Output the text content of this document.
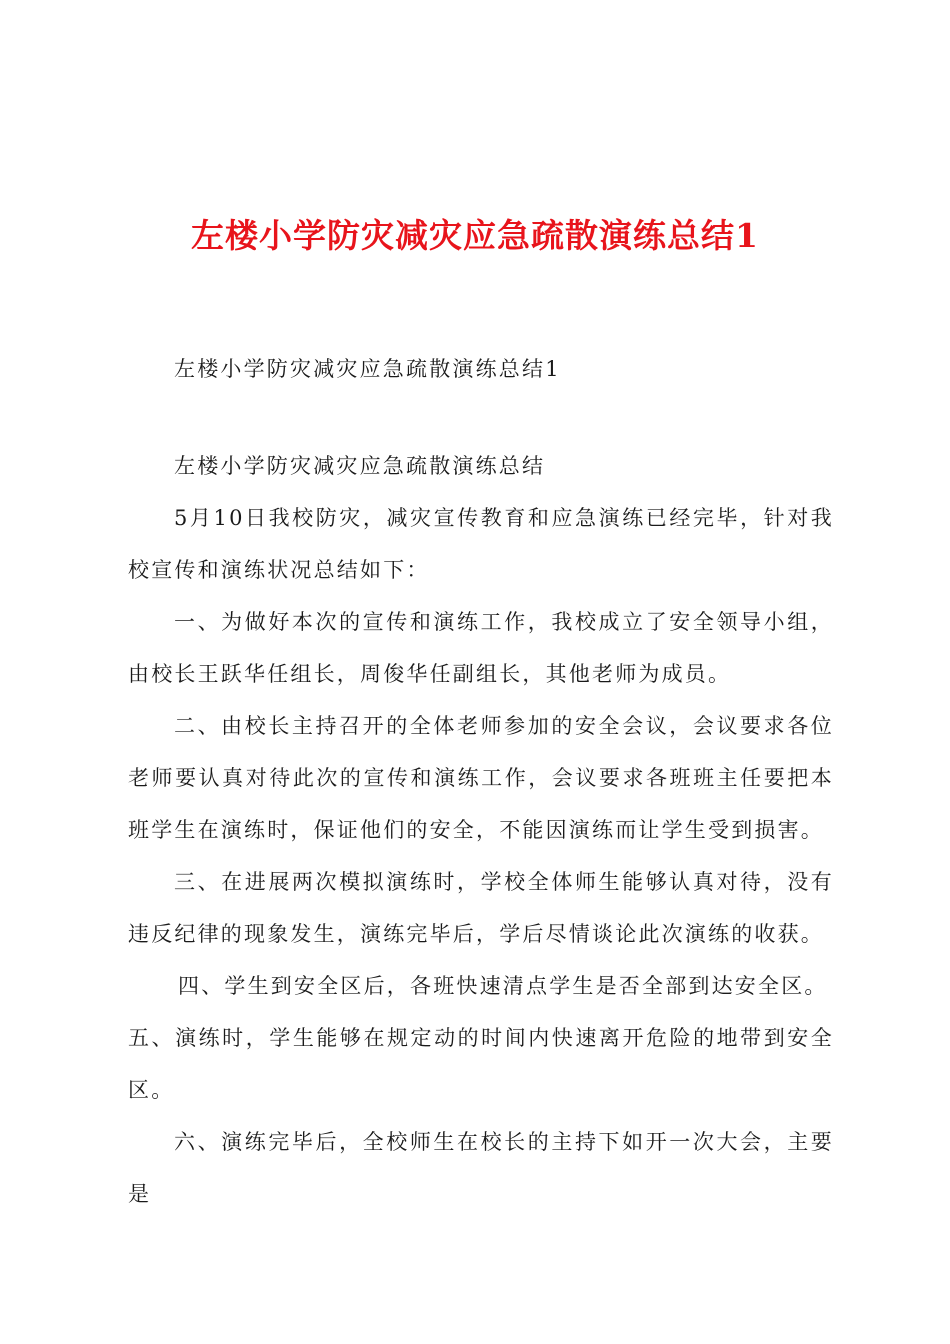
左楼小学防灾减灾应急疏散演练总结1
左楼小学防灾减灾应急疏散演练总结1
左楼小学防灾减灾应急疏散演练总结

5月10日我校防灾，减灾宣传教育和应急演练已经完毕，针对我校宣传和演练状况总结如下：

一、为做好本次的宣传和演练工作，我校成立了安全领导小组，由校长王跃华任组长，周俊华任副组长，其他老师为成员。

二、由校长主持召开的全体老师参加的安全会议，会议要求各位老师要认真对待此次的宣传和演练工作，会议要求各班班主任要把本班学生在演练时，保证他们的安全，不能因演练而让学生受到损害。

三、在进展两次模拟演练时，学校全体师生能够认真对待，没有违反纪律的现象发生，演练完毕后，学后尽情谈论此次演练的收获。

四、学生到安全区后，各班快速清点学生是否全部到达安全区。

五、演练时，学生能够在规定动的时间内快速离开危险的地带到安全区。

六、演练完毕后，全校师生在校长的主持下如开一次大会，主要是
